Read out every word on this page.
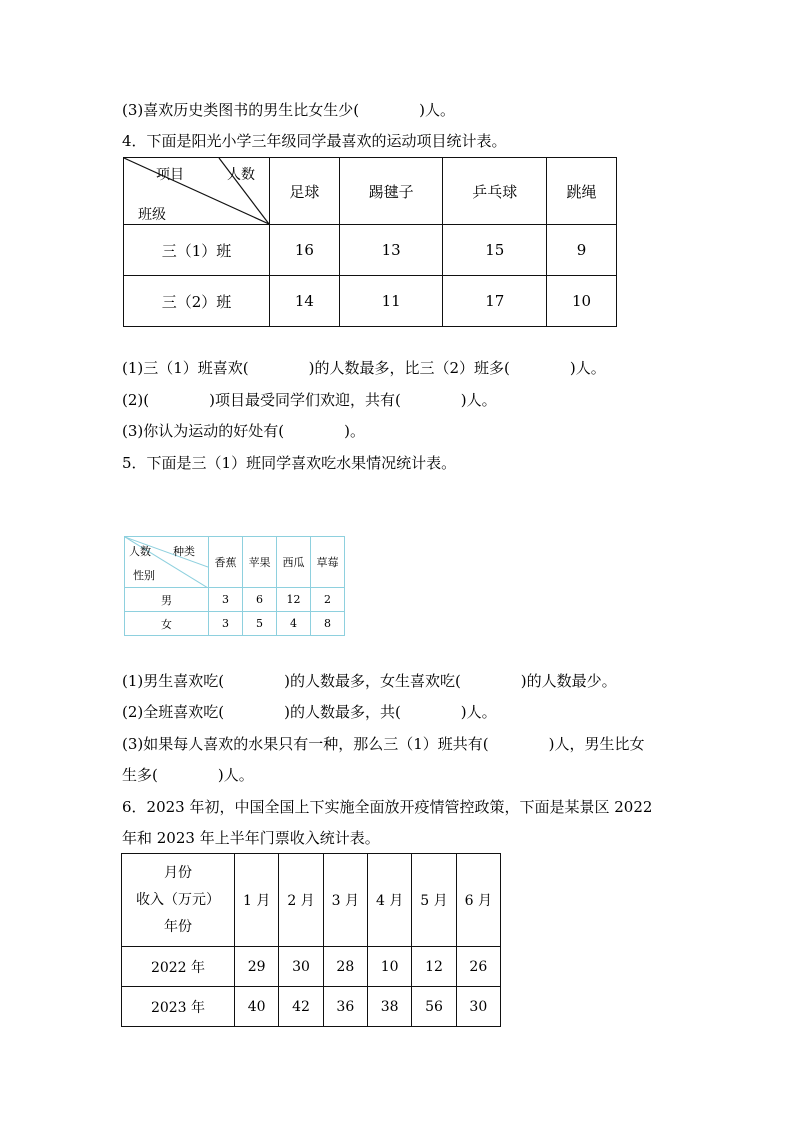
(3)喜欢历史类图书的男生比女生少(　　　　)人。
4．下面是阳光小学三年级同学最喜欢的运动项目统计表。
项目 人数
班级	足球	踢毽子	乒乓球	跳绳
三（1）班	16	13	15	9
三（2）班	14	11	17	10
(1)三（1）班喜欢(　　　　)的人数最多，比三（2）班多(　　　　)人。
(2)(　　　　)项目最受同学们欢迎，共有(　　　　)人。
(3)你认为运动的好处有(　　　　)。
5．下面是三（1）班同学喜欢吃水果情况统计表。
人数 种类
性别	香蕉	苹果	西瓜	草莓
男	3	6	12	2
女	3	5	4	8
(1)男生喜欢吃(　　　　)的人数最多，女生喜欢吃(　　　　)的人数最少。
(2)全班喜欢吃(　　　　)的人数最多，共(　　　　)人。
(3)如果每人喜欢的水果只有一种，那么三（1）班共有(　　　　)人，男生比女
生多(　　　　)人。
6．2023 年初，中国全国上下实施全面放开疫情管控政策，下面是某景区 2022
年和 2023 年上半年门票收入统计表。
月份
收入（万元）
年份	1 月	2 月	3 月	4 月	5 月	6 月
2022 年	29	30	28	10	12	26
2023 年	40	42	36	38	56	30
